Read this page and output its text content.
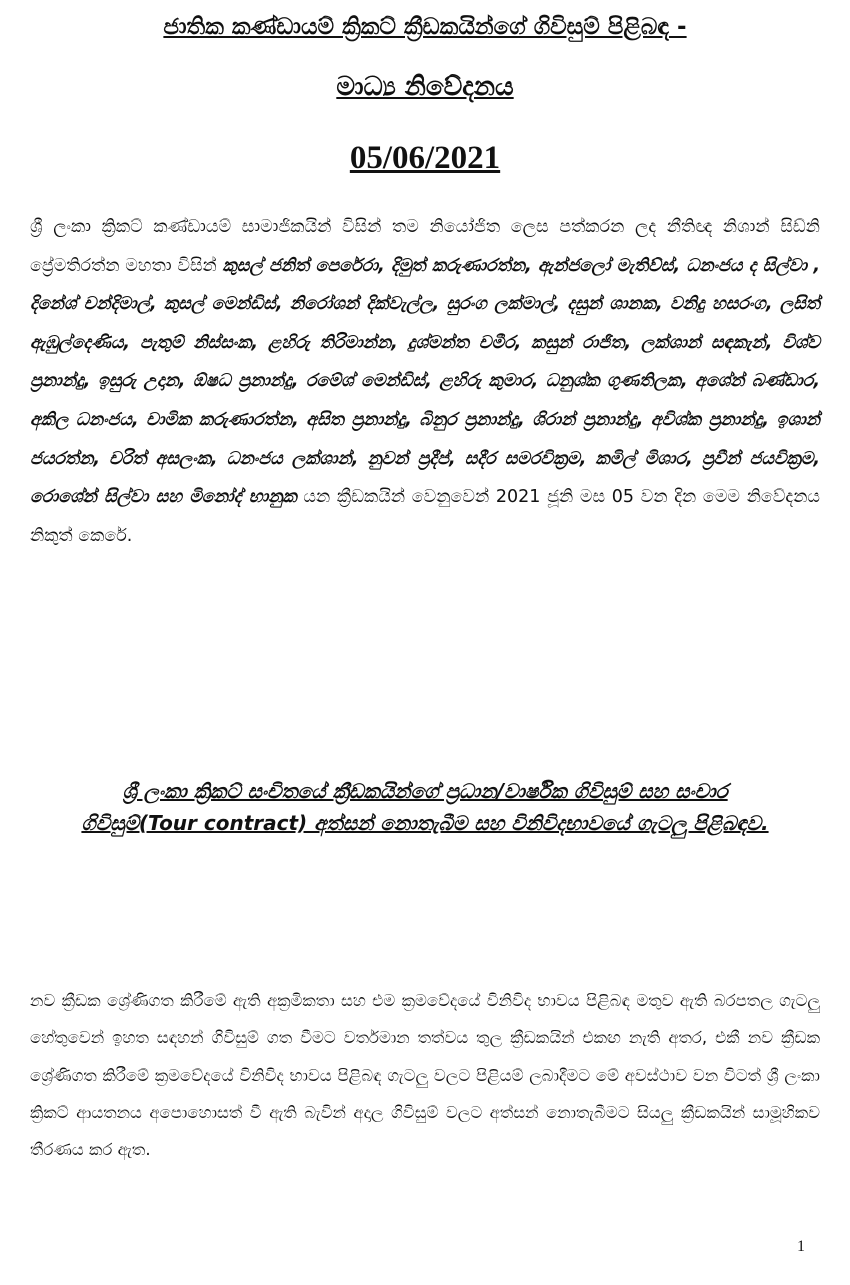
ජාතික කණ්ඩායම් ක්‍රිකට් ක්‍රීඩකයින්ගේ ගිවිසුම් පිළිබඳ -
මාධ්‍ය නිවේදනය
05/06/2021
ශ්‍රී ලංකා ක්‍රිකට් කණ්ඩායම් සාමාජිකයින් විසින් තම නියෝජිත ලෙස පත්කරන ලද නීතිඥ නිශාන් සිඩ්නි ප්‍රේමතිරත්න මහතා විසින් කුසල් ජනිත් පෙරේරා, දිමුත් කරුණාරත්න, ඇන්ජලෝ මැතිව්ස්, ධනංජය ද සිල්වා , දිනේශ් චන්දිමාල්, කුසල් මෙන්ඩිස්, නිරෝශන් දික්වැල්ල, සුරංග ලක්මාල්, දසුන් ශානක, වනිදු හසරංග, ලසිත් ඇඹුල්දෙණිය, පැතුම් නිස්සංක, ළහිරු තිරිමාන්න, දුශ්මන්ත චමීර, කසුන් රාජිත, ලක්ශාන් සඳකැන්, විශ්ව ප්‍රනාන්දු, ඉසුරු උදාන, ඕෂධ ප්‍රනාන්දු, රමේශ් මෙන්ඩිස්, ළහිරු කුමාර, ධනුශ්ක ගුණතිලක, අශේන් බණ්ඩාර, අකිල ධනංජය, චාමික කරුණාරත්න, අසිත ප්‍රනාන්දු, බිනුර ප්‍රනාන්දු, ශිරාන් ප්‍රනාන්දු, අවිශ්ක ප්‍රනාන්දු, ඉශාන් ජයරත්න, චරිත් අසලංක, ධනංජය ලක්ශාන්, නුවන් ප්‍රදීප්, සදීර සමරවික්‍රම, කමිල් මිශාර, ප්‍රවීන් ජයවික්‍රම, රොශේන් සිල්වා සහ මිනෝද් භානුක යන ක්‍රීඩකයින් වෙනුවෙන් 2021 ජූනි මස 05 වන දින මෙම නිවේදනය නිකුත් කෙරේ.
ශ්‍රී ලංකා ක්‍රිකට් සංචිතයේ ක්‍රීඩකයින්ගේ ප්‍රධාන/වාර්ෂික ගිවිසුම් සහ සංචාර ගිවිසුම්(Tour contract) අත්සන් නොතැබීම සහ විනිවිදභාවයේ ගැටලු පිළිබඳව.
නව ක්‍රීඩක ශ්‍රේණිගත කිරීමේ ඇති අක්‍රමිකතා සහ එම ක්‍රමවේදයේ විනිවිද භාවය පිළිබඳ මතුව ඇති බරපතල ගැටලු හේතුවෙන් ඉහත සඳහන් ගිවිසුම් ගත වීමට වර්තමාන තත්වය තුල ක්‍රීඩකයින් එකඟ නැති අතර, එකී නව ක්‍රීඩක ශ්‍රේණිගත කිරීමේ ක්‍රමවේදයේ විනිවිද භාවය පිළිබඳ ගැටලු වලට පිළියම් ලබාදීමට මේ අවස්ථාව වන විටත් ශ්‍රී ලංකා ක්‍රිකට් ආයතනය අපොහොසත් වී ඇති බැවින් අදාල ගිවිසුම් වලට අත්සන් නොතැබීමට සියලු ක්‍රීඩකයින් සාමූහිකව තීරණය කර ඇත.
1
